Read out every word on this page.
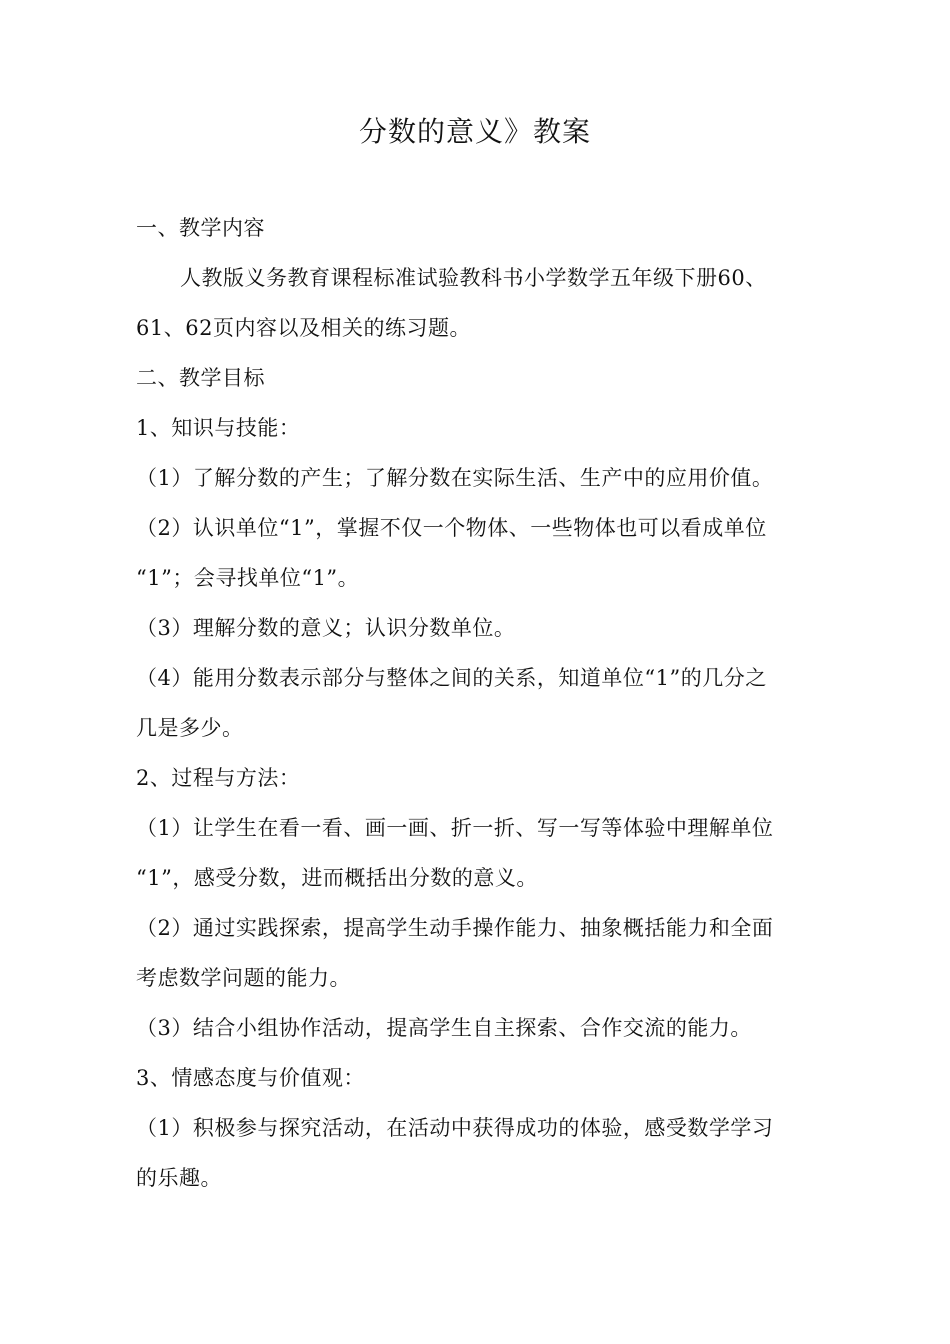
分数的意义》教案
一、教学内容
人教版义务教育课程标准试验教科书小学数学五年级下册60、
61、62页内容以及相关的练习题。
二、教学目标
1、知识与技能：
（1）了解分数的产生；了解分数在实际生活、生产中的应用价值。
（2）认识单位“1”，掌握不仅一个物体、一些物体也可以看成单位
“1”；会寻找单位“1”。
（3）理解分数的意义；认识分数单位。
（4）能用分数表示部分与整体之间的关系，知道单位“1”的几分之
几是多少。
2、过程与方法：
（1）让学生在看一看、画一画、折一折、写一写等体验中理解单位
“1”，感受分数，进而概括出分数的意义。
（2）通过实践探索，提高学生动手操作能力、抽象概括能力和全面
考虑数学问题的能力。
（3）结合小组协作活动，提高学生自主探索、合作交流的能力。
3、情感态度与价值观：
（1）积极参与探究活动，在活动中获得成功的体验，感受数学学习
的乐趣。
